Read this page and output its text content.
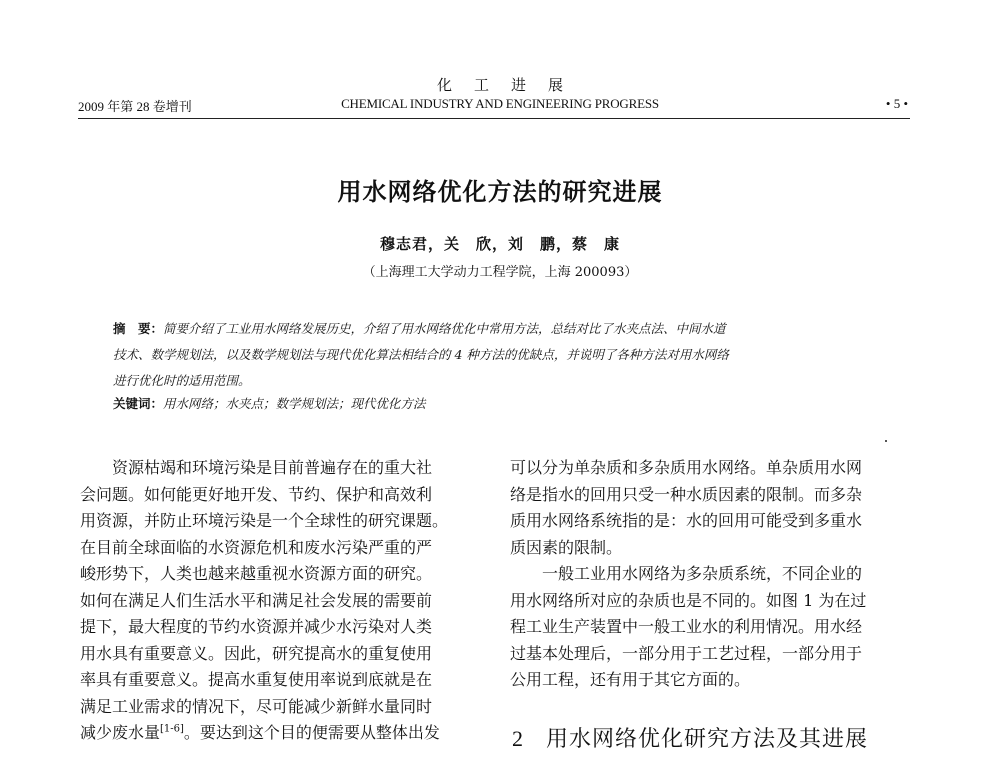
化工进展
2009 年第 28 卷增刊	CHEMICAL INDUSTRY AND ENGINEERING PROGRESS	• 5 •
用水网络优化方法的研究进展
穆志君，关　欣，刘　鹏，蔡　康
（上海理工大学动力工程学院，上海 200093）
摘　要：简要介绍了工业用水网络发展历史，介绍了用水网络优化中常用方法，总结对比了水夹点法、中间水道
技术、数学规划法，以及数学规划法与现代优化算法相结合的 4 种方法的优缺点，并说明了各种方法对用水网络
进行优化时的适用范围。
关键词：用水网络；水夹点；数学规划法；现代优化方法
资源枯竭和环境污染是目前普遍存在的重大社
会问题。如何能更好地开发、节约、保护和高效利
用资源，并防止环境污染是一个全球性的研究课题。
在目前全球面临的水资源危机和废水污染严重的严
峻形势下，人类也越来越重视水资源方面的研究。
如何在满足人们生活水平和满足社会发展的需要前
提下，最大程度的节约水资源并减少水污染对人类
用水具有重要意义。因此，研究提高水的重复使用
率具有重要意义。提高水重复使用率说到底就是在
满足工业需求的情况下，尽可能减少新鲜水量同时
减少废水量[1-6]。要达到这个目的便需要从整体出发
可以分为单杂质和多杂质用水网络。单杂质用水网
络是指水的回用只受一种水质因素的限制。而多杂
质用水网络系统指的是：水的回用可能受到多重水
质因素的限制。
一般工业用水网络为多杂质系统，不同企业的
用水网络所对应的杂质也是不同的。如图 1 为在过
程工业生产装置中一般工业水的利用情况。用水经
过基本处理后，一部分用于工艺过程，一部分用于
公用工程，还有用于其它方面的。
2 用水网络优化研究方法及其进展
